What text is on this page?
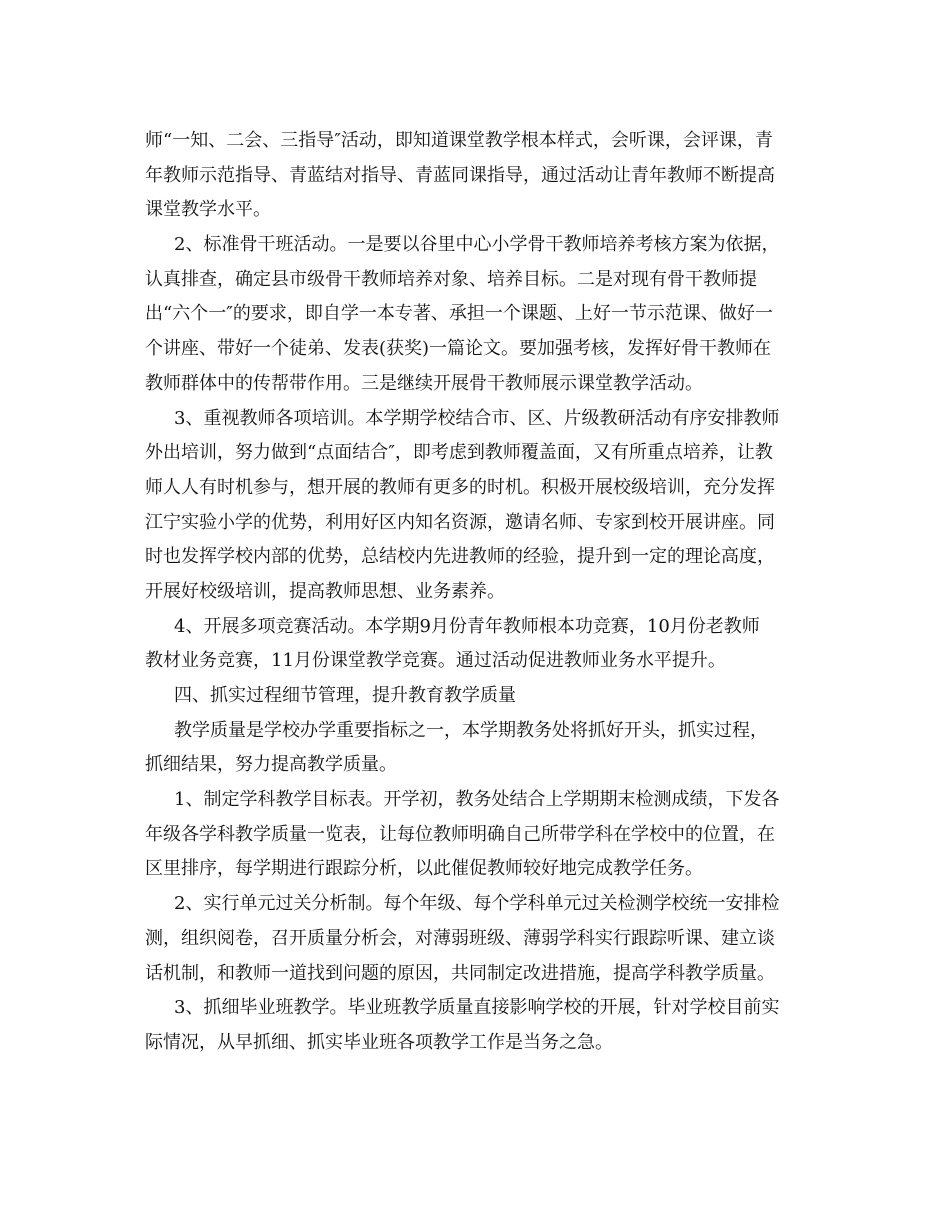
师“一知、二会、三指导″活动，即知道课堂教学根本样式，会听课，会评课，青
年教师示范指导、青蓝结对指导、青蓝同课指导，通过活动让青年教师不断提高
课堂教学水平。
2、标准骨干班活动。一是要以谷里中心小学骨干教师培养考核方案为依据，
认真排查，确定县市级骨干教师培养对象、培养目标。二是对现有骨干教师提
出“六个一″的要求，即自学一本专著、承担一个课题、上好一节示范课、做好一
个讲座、带好一个徒弟、发表(获奖)一篇论文。要加强考核，发挥好骨干教师在
教师群体中的传帮带作用。三是继续开展骨干教师展示课堂教学活动。
3、重视教师各项培训。本学期学校结合市、区、片级教研活动有序安排教师
外出培训，努力做到“点面结合″，即考虑到教师覆盖面，又有所重点培养，让教
师人人有时机参与，想开展的教师有更多的时机。积极开展校级培训，充分发挥
江宁实验小学的优势，利用好区内知名资源，邀请名师、专家到校开展讲座。同
时也发挥学校内部的优势，总结校内先进教师的经验，提升到一定的理论高度，
开展好校级培训，提高教师思想、业务素养。
4、开展多项竞赛活动。本学期9月份青年教师根本功竞赛，10月份老教师
教材业务竞赛，11月份课堂教学竞赛。通过活动促进教师业务水平提升。
四、抓实过程细节管理，提升教育教学质量
教学质量是学校办学重要指标之一，本学期教务处将抓好开头，抓实过程，
抓细结果，努力提高教学质量。
1、制定学科教学目标表。开学初，教务处结合上学期期末检测成绩，下发各
年级各学科教学质量一览表，让每位教师明确自己所带学科在学校中的位置，在
区里排序，每学期进行跟踪分析，以此催促教师较好地完成教学任务。
2、实行单元过关分析制。每个年级、每个学科单元过关检测学校统一安排检
测，组织阅卷，召开质量分析会，对薄弱班级、薄弱学科实行跟踪听课、建立谈
话机制，和教师一道找到问题的原因，共同制定改进措施，提高学科教学质量。
3、抓细毕业班教学。毕业班教学质量直接影响学校的开展，针对学校目前实
际情况，从早抓细、抓实毕业班各项教学工作是当务之急。
